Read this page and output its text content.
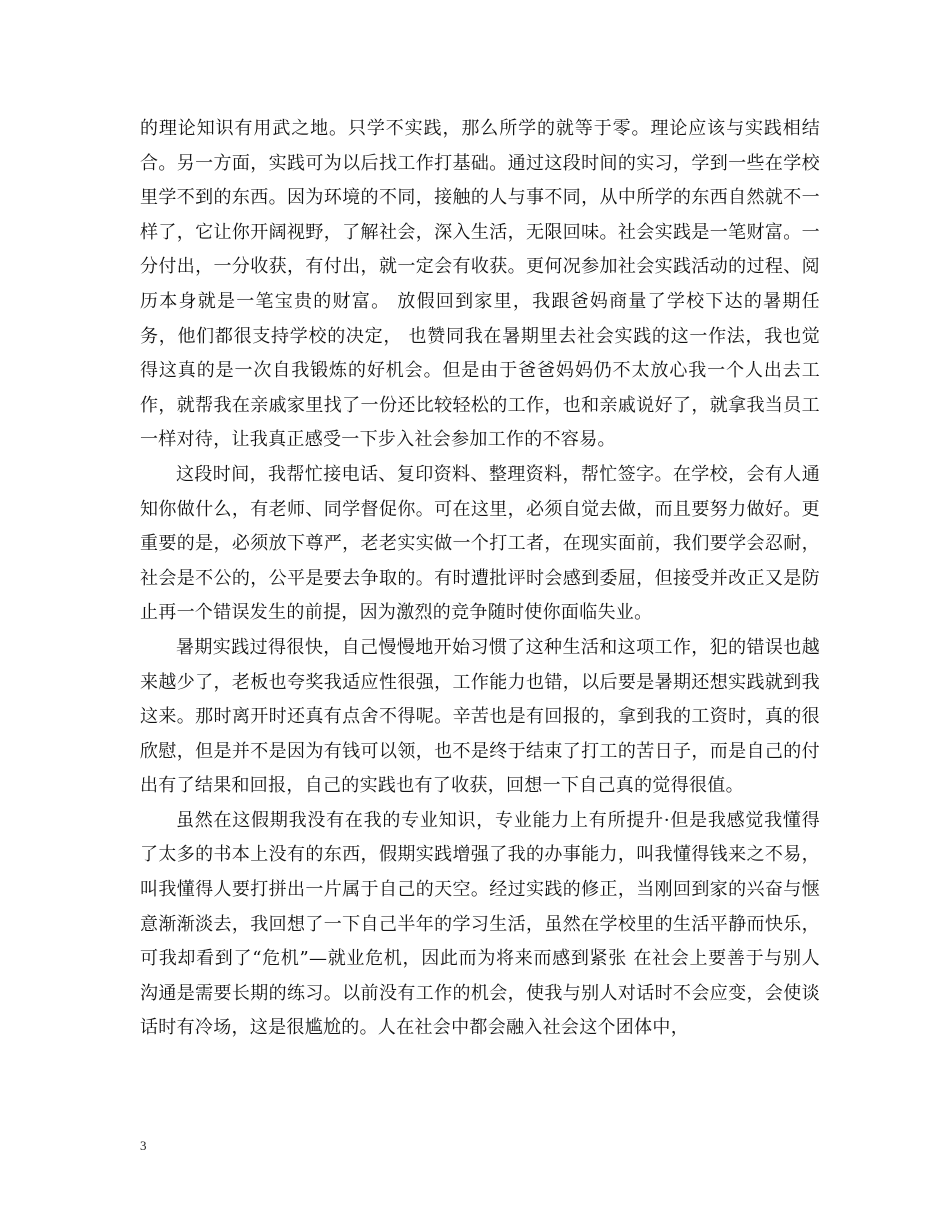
的理论知识有用武之地。只学不实践，那么所学的就等于零。理论应该与实践相结合。另一方面，实践可为以后找工作打基础。通过这段时间的实习，学到一些在学校里学不到的东西。因为环境的不同，接触的人与事不同，从中所学的东西自然就不一样了，它让你开阔视野，了解社会，深入生活，无限回味。社会实践是一笔财富。一分付出，一分收获，有付出，就一定会有收获。更何况参加社会实践活动的过程、阅历本身就是一笔宝贵的财富。 放假回到家里，我跟爸妈商量了学校下达的暑期任务，他们都很支持学校的决定， 也赞同我在暑期里去社会实践的这一作法，我也觉得这真的是一次自我锻炼的好机会。但是由于爸爸妈妈仍不太放心我一个人出去工作，就帮我在亲戚家里找了一份还比较轻松的工作，也和亲戚说好了，就拿我当员工一样对待，让我真正感受一下步入社会参加工作的不容易。

这段时间，我帮忙接电话、复印资料、整理资料，帮忙签字。在学校，会有人通知你做什么，有老师、同学督促你。可在这里，必须自觉去做，而且要努力做好。更重要的是，必须放下尊严，老老实实做一个打工者，在现实面前，我们要学会忍耐，社会是不公的，公平是要去争取的。有时遭批评时会感到委屈，但接受并改正又是防止再一个错误发生的前提，因为激烈的竞争随时使你面临失业。

暑期实践过得很快，自己慢慢地开始习惯了这种生活和这项工作，犯的错误也越来越少了，老板也夸奖我适应性很强，工作能力也错，以后要是暑期还想实践就到我这来。那时离开时还真有点舍不得呢。辛苦也是有回报的，拿到我的工资时，真的很欣慰，但是并不是因为有钱可以领，也不是终于结束了打工的苦日子，而是自己的付出有了结果和回报，自己的实践也有了收获，回想一下自己真的觉得很值。

虽然在这假期我没有在我的专业知识，专业能力上有所提升·但是我感觉我懂得了太多的书本上没有的东西，假期实践增强了我的办事能力，叫我懂得钱来之不易，叫我懂得人要打拼出一片属于自己的天空。经过实践的修正，当刚回到家的兴奋与惬意渐渐淡去，我回想了一下自己半年的学习生活，虽然在学校里的生活平静而快乐，可我却看到了“危机”—就业危机，因此而为将来而感到紧张 在社会上要善于与别人沟通是需要长期的练习。以前没有工作的机会，使我与别人对话时不会应变，会使谈话时有冷场，这是很尴尬的。人在社会中都会融入社会这个团体中，

3
